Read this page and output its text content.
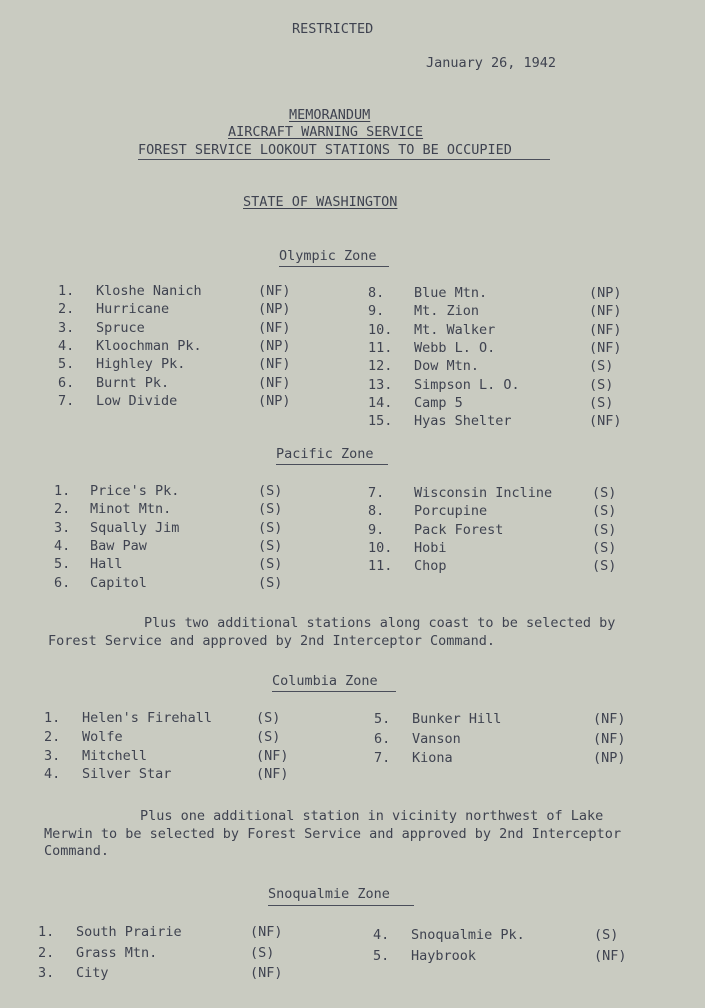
RESTRICTED
January 26, 1942
MEMORANDUM
AIRCRAFT WARNING SERVICE
FOREST SERVICE LOOKOUT STATIONS TO BE OCCUPIED
STATE OF WASHINGTON
Olympic Zone
1. Kloshe Nanich	(NF)
2. Hurricane	(NP)
3. Spruce	(NF)
4. Kloochman Pk.	(NP)
5. Highley Pk.	(NF)
6. Burnt Pk.	(NF)
7. Low Divide	(NP)
8. Blue Mtn.	(NP)
9. Mt. Zion	(NF)
10. Mt. Walker	(NF)
11. Webb L. O.	(NF)
12. Dow Mtn.	(S)
13. Simpson L. O.	(S)
14. Camp 5	(S)
15. Hyas Shelter	(NF)
Pacific Zone
1. Price's Pk.	(S)
2. Minot Mtn.	(S)
3. Squally Jim	(S)
4. Baw Paw	(S)
5. Hall	(S)
6. Capitol	(S)
7. Wisconsin Incline	(S)
8. Porcupine	(S)
9. Pack Forest	(S)
10. Hobi	(S)
11. Chop	(S)
Plus two additional stations along coast to be selected by Forest Service and approved by 2nd Interceptor Command.
Columbia Zone
1. Helen's Firehall	(S)
2. Wolfe	(S)
3. Mitchell	(NF)
4. Silver Star	(NF)
5. Bunker Hill	(NF)
6. Vanson	(NF)
7. Kiona	(NP)
Plus one additional station in vicinity northwest of Lake Merwin to be selected by Forest Service and approved by 2nd Interceptor Command.
Snoqualmie Zone
1. South Prairie	(NF)
2. Grass Mtn.	(S)
3. City	(NF)
4. Snoqualmie Pk.	(S)
5. Haybrook	(NF)
